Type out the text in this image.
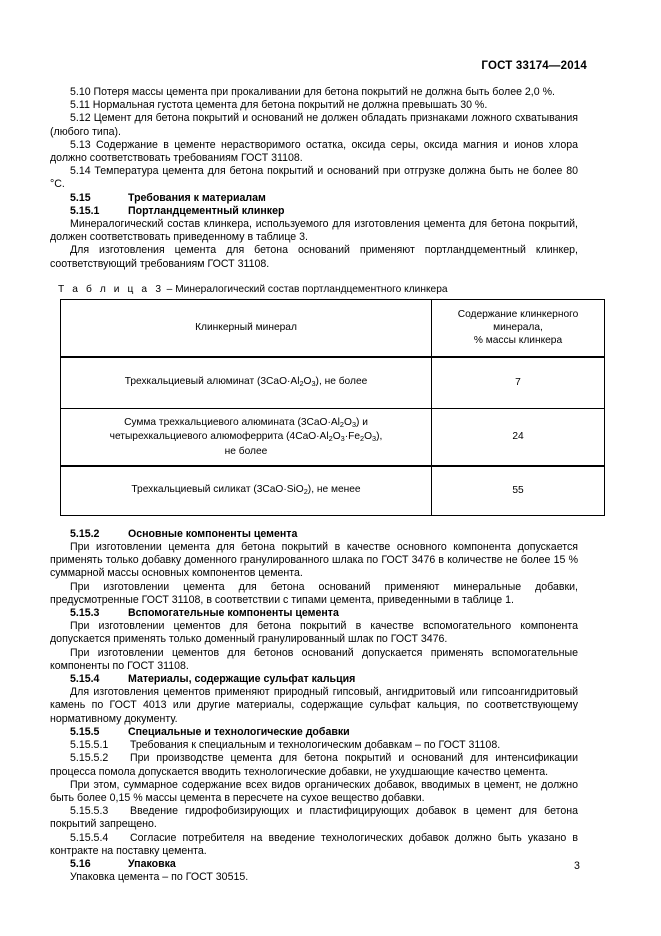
ГОСТ 33174—2014

5.10 Потеря массы цемента при прокаливании для бетона покрытий не должна быть более 2,0 %.

5.11 Нормальная густота цемента для бетона покрытий не должна превышать 30 %.

5.12 Цемент для бетона покрытий и оснований не должен обладать признаками ложного схватывания (любого типа).

5.13 Содержание в цементе нерастворимого остатка, оксида серы, оксида магния и ионов хлора должно соответствовать требованиям ГОСТ 31108.

5.14 Температура цемента для бетона покрытий и оснований при отгрузке должна быть не более 80 °С.

5.15	Требования к материалам
5.15.1	Портландцементный клинкер

Минералогический состав клинкера, используемого для изготовления цемента для бетона покрытий, должен соответствовать приведенному в таблице 3.

Для изготовления цемента для бетона оснований применяют портландцементный клинкер, соответствующий требованиям ГОСТ 31108.

Т а б л и ц а 3 – Минералогический состав портландцементного клинкера
Клинкерный минерал	Содержание клинкерного
минерала,
% массы клинкера
Трехкальциевый алюминат $(3CaO\cdot Al_2O_3)$, не более	7
Сумма трехкальциевого алюмината $(3CaO\cdot Al_2O_3)$ и
четырехкальциевого алюмоферрита $(4CaO\cdot Al_2O_3\cdot Fe_2O_3)$,
не более	24
Трехкальциевый силикат (3CaO·SiO$_2$), не менее	55
5.15.2	Основные компоненты цемента

При изготовлении цемента для бетона покрытий в качестве основного компонента допускается применять только добавку доменного гранулированного шлака по ГОСТ 3476 в количестве не более 15 % суммарной массы основных компонентов цемента.

При изготовлении цемента для бетона оснований применяют минеральные добавки, предусмотренные ГОСТ 31108, в соответствии с типами цемента, приведенными в таблице 1.

5.15.3	Вспомогательные компоненты цемента

При изготовлении цементов для бетона покрытий в качестве вспомогательного компонента допускается применять только доменный гранулированный шлак по ГОСТ 3476.

При изготовлении цементов для бетонов оснований допускается применять вспомогательные компоненты по ГОСТ 31108.

5.15.4	Материалы, содержащие сульфат кальция

Для изготовления цементов применяют природный гипсовый, ангидритовый или гипсоангидритовый камень по ГОСТ 4013 или другие материалы, содержащие сульфат кальция, по соответствующему нормативному документу.

5.15.5	Специальные и технологические добавки

5.15.5.1 Требования к специальным и технологическим добавкам – по ГОСТ 31108.

5.15.5.2 При производстве цемента для бетона покрытий и оснований для интенсификации процесса помола допускается вводить технологические добавки, не ухудшающие качество цемента.

При этом, суммарное содержание всех видов органических добавок, вводимых в цемент, не должно быть более 0,15 % массы цемента в пересчете на сухое вещество добавки.

5.15.5.3 Введение гидрофобизирующих и пластифицирующих добавок в цемент для бетона покрытий запрещено.

5.15.5.4 Согласие потребителя на введение технологических добавок должно быть указано в контракте на поставку цемента.

5.16	Упаковка

Упаковка цемента – по ГОСТ 30515.

3
